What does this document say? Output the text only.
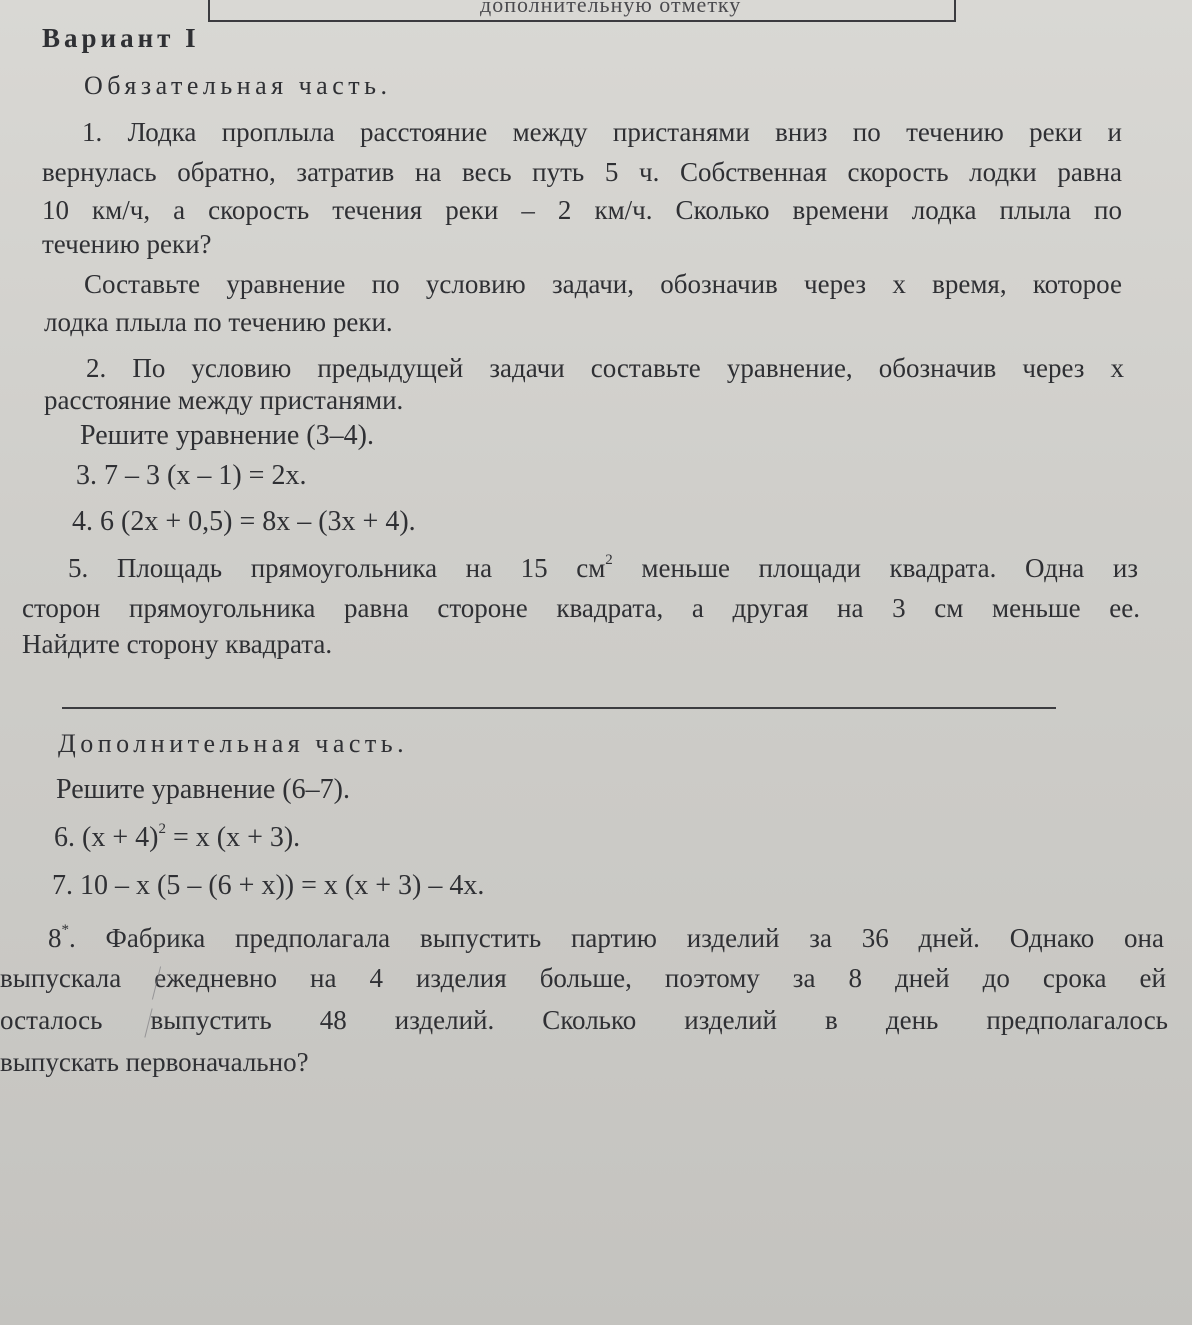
дополнительную отметку
Вариант I
Обязательная часть.
1. Лодка проплыла расстояние между пристанями вниз по течению реки и
вернулась обратно, затратив на весь путь 5 ч. Собственная скорость лодки равна
10 км/ч, а скорость течения реки – 2 км/ч. Сколько времени лодка плыла по
течению реки?
Составьте уравнение по условию задачи, обозначив через x время, которое
лодка плыла по течению реки.
2. По условию предыдущей задачи составьте уравнение, обозначив через x
расстояние между пристанями.
Решите уравнение (3–4).
3. 7 – 3 (x – 1) = 2x.
4. 6 (2x + 0,5) = 8x – (3x + 4).
5. Площадь прямоугольника на 15 $см^2$ меньше площади квадрата. Одна из
сторон прямоугольника равна стороне квадрата, а другая на 3 см меньше ее.
Найдите сторону квадрата.
Дополнительная часть.
Решите уравнение (6–7).
6. $(x + 4)^2 = x$ (x + 3).
7. 10 – x (5 – (6 + x)) = x (x + 3) – 4x.
8*. Фабрика предполагала выпустить партию изделий за 36 дней. Однако она
выпускала ежедневно на 4 изделия больше, поэтому за 8 дней до срока ей
осталось выпустить 48 изделий. Сколько изделий в день предполагалось
выпускать первоначально?
